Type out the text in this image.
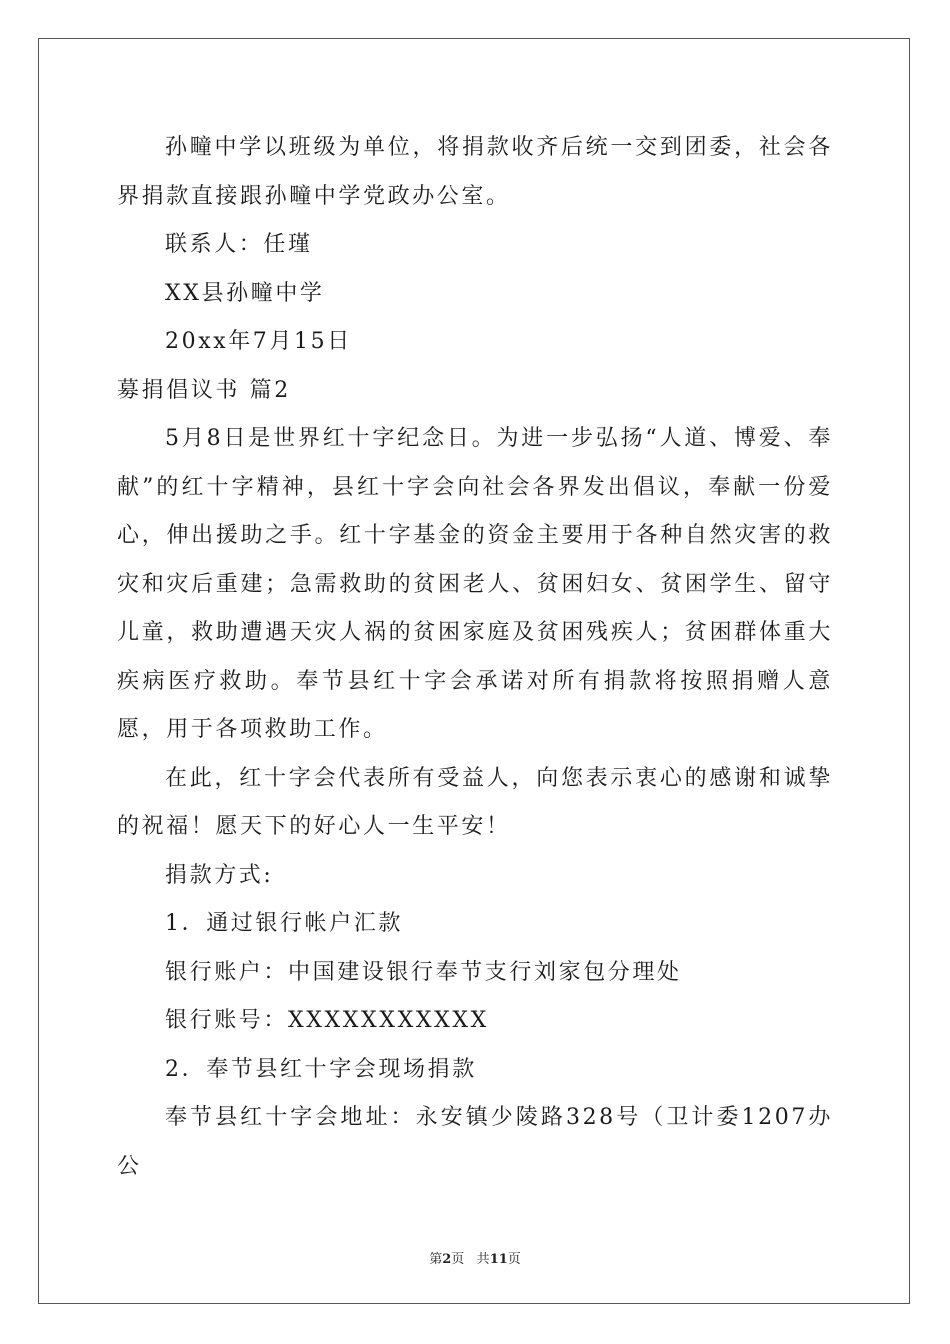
孙疃中学以班级为单位，将捐款收齐后统一交到团委，社会各界捐款直接跟孙疃中学党政办公室。

联系人：任瑾

XX县孙疃中学

20xx年7月15日

募捐倡议书 篇2

5月8日是世界红十字纪念日。为进一步弘扬“人道、博爱、奉献”的红十字精神，县红十字会向社会各界发出倡议，奉献一份爱心，伸出援助之手。红十字基金的资金主要用于各种自然灾害的救灾和灾后重建；急需救助的贫困老人、贫困妇女、贫困学生、留守儿童，救助遭遇天灾人祸的贫困家庭及贫困残疾人；贫困群体重大疾病医疗救助。奉节县红十字会承诺对所有捐款将按照捐赠人意愿，用于各项救助工作。

在此，红十字会代表所有受益人，向您表示衷心的感谢和诚挚的祝福！愿天下的好心人一生平安！

捐款方式:

1．通过银行帐户汇款

银行账户：中国建设银行奉节支行刘家包分理处

银行账号：XXXXXXXXXXX

2．奉节县红十字会现场捐款

奉节县红十字会地址：永安镇少陵路328号（卫计委1207办公

第2页 共11页
